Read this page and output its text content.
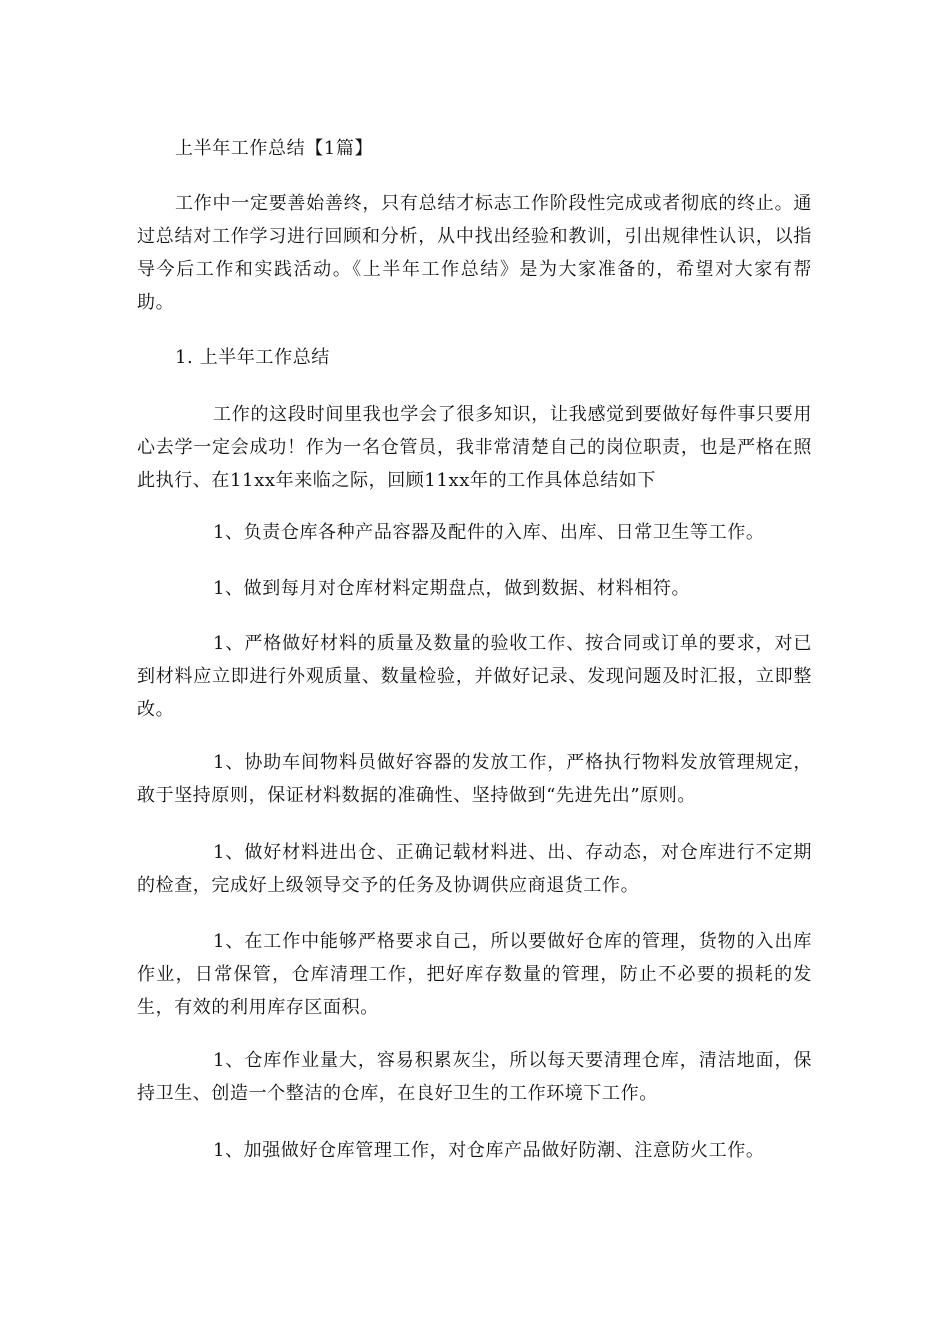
上半年工作总结【1篇】

工作中一定要善始善终，只有总结才标志工作阶段性完成或者彻底的终止。通过总结对工作学习进行回顾和分析，从中找出经验和教训，引出规律性认识，以指导今后工作和实践活动。《上半年工作总结》是为大家准备的，希望对大家有帮助。

1. 上半年工作总结

工作的这段时间里我也学会了很多知识，让我感觉到要做好每件事只要用心去学一定会成功！作为一名仓管员，我非常清楚自己的岗位职责，也是严格在照此执行、在11xx年来临之际，回顾11xx年的工作具体总结如下

1、负责仓库各种产品容器及配件的入库、出库、日常卫生等工作。

1、做到每月对仓库材料定期盘点，做到数据、材料相符。

1、严格做好材料的质量及数量的验收工作、按合同或订单的要求，对已到材料应立即进行外观质量、数量检验，并做好记录、发现问题及时汇报，立即整改。

1、协助车间物料员做好容器的发放工作，严格执行物料发放管理规定，敢于坚持原则，保证材料数据的准确性、坚持做到“先进先出”原则。

1、做好材料进出仓、正确记载材料进、出、存动态，对仓库进行不定期的检查，完成好上级领导交予的任务及协调供应商退货工作。

1、在工作中能够严格要求自己，所以要做好仓库的管理，货物的入出库作业，日常保管，仓库清理工作，把好库存数量的管理，防止不必要的损耗的发生，有效的利用库存区面积。

1、仓库作业量大，容易积累灰尘，所以每天要清理仓库，清洁地面，保持卫生、创造一个整洁的仓库，在良好卫生的工作环境下工作。

1、加强做好仓库管理工作，对仓库产品做好防潮、注意防火工作。
